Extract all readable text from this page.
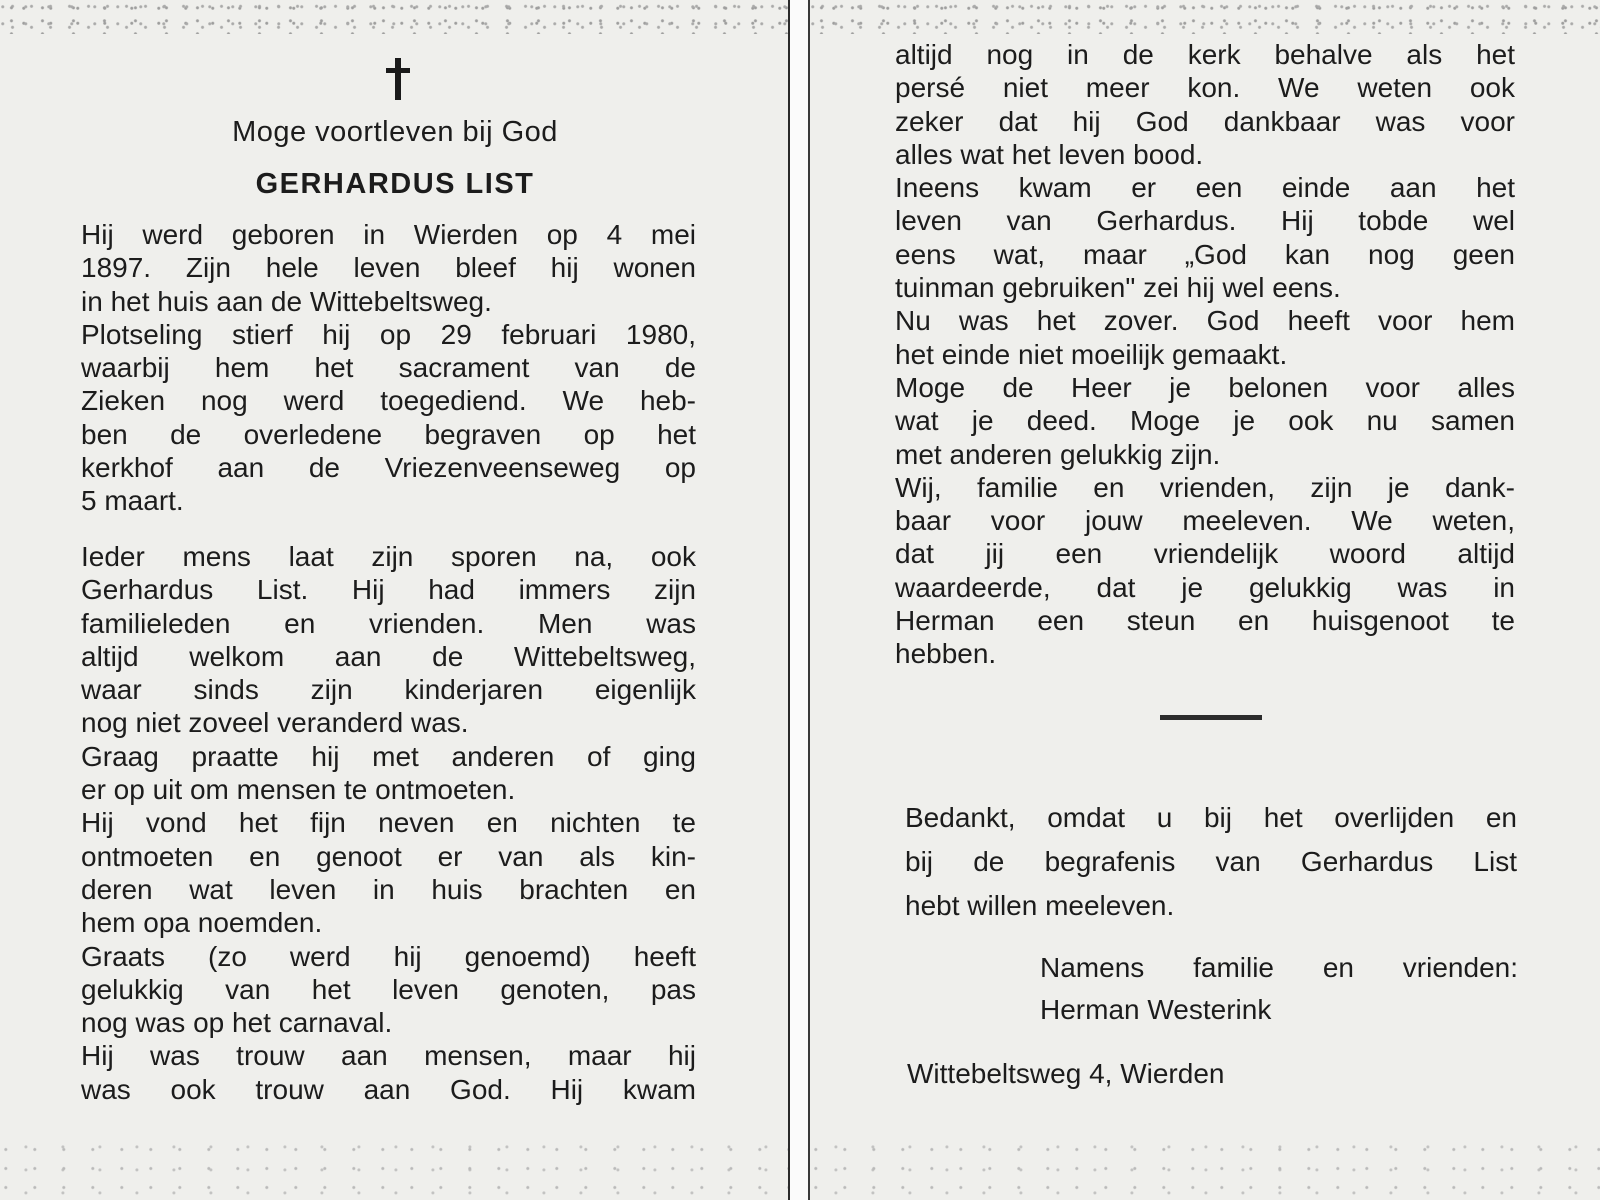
Moge voortleven bij God
GERHARDUS LIST
Hij werd geboren in Wierden op 4 mei
1897. Zijn hele leven bleef hij wonen
in het huis aan de Wittebeltsweg.
Plotseling stierf hij op 29 februari 1980,
waarbij hem het sacrament van de
Zieken nog werd toegediend. We heb-
ben de overledene begraven op het
kerkhof aan de Vriezenveenseweg op
5 maart.
Ieder mens laat zijn sporen na, ook
Gerhardus List. Hij had immers zijn
familieleden en vrienden. Men was
altijd welkom aan de Wittebeltsweg,
waar sinds zijn kinderjaren eigenlijk
nog niet zoveel veranderd was.
Graag praatte hij met anderen of ging
er op uit om mensen te ontmoeten.
Hij vond het fijn neven en nichten te
ontmoeten en genoot er van als kin-
deren wat leven in huis brachten en
hem opa noemden.
Graats (zo werd hij genoemd) heeft
gelukkig van het leven genoten, pas
nog was op het carnaval.
Hij was trouw aan mensen, maar hij
was ook trouw aan God. Hij kwam
altijd nog in de kerk behalve als het
persé niet meer kon. We weten ook
zeker dat hij God dankbaar was voor
alles wat het leven bood.
Ineens kwam er een einde aan het
leven van Gerhardus. Hij tobde wel
eens wat, maar „God kan nog geen
tuinman gebruiken" zei hij wel eens.
Nu was het zover. God heeft voor hem
het einde niet moeilijk gemaakt.
Moge de Heer je belonen voor alles
wat je deed. Moge je ook nu samen
met anderen gelukkig zijn.
Wij, familie en vrienden, zijn je dank-
baar voor jouw meeleven. We weten,
dat jij een vriendelijk woord altijd
waardeerde, dat je gelukkig was in
Herman een steun en huisgenoot te
hebben.
Bedankt, omdat u bij het overlijden en
bij de begrafenis van Gerhardus List
hebt willen meeleven.
Namens familie en vrienden:
Herman Westerink
Wittebeltsweg 4, Wierden
